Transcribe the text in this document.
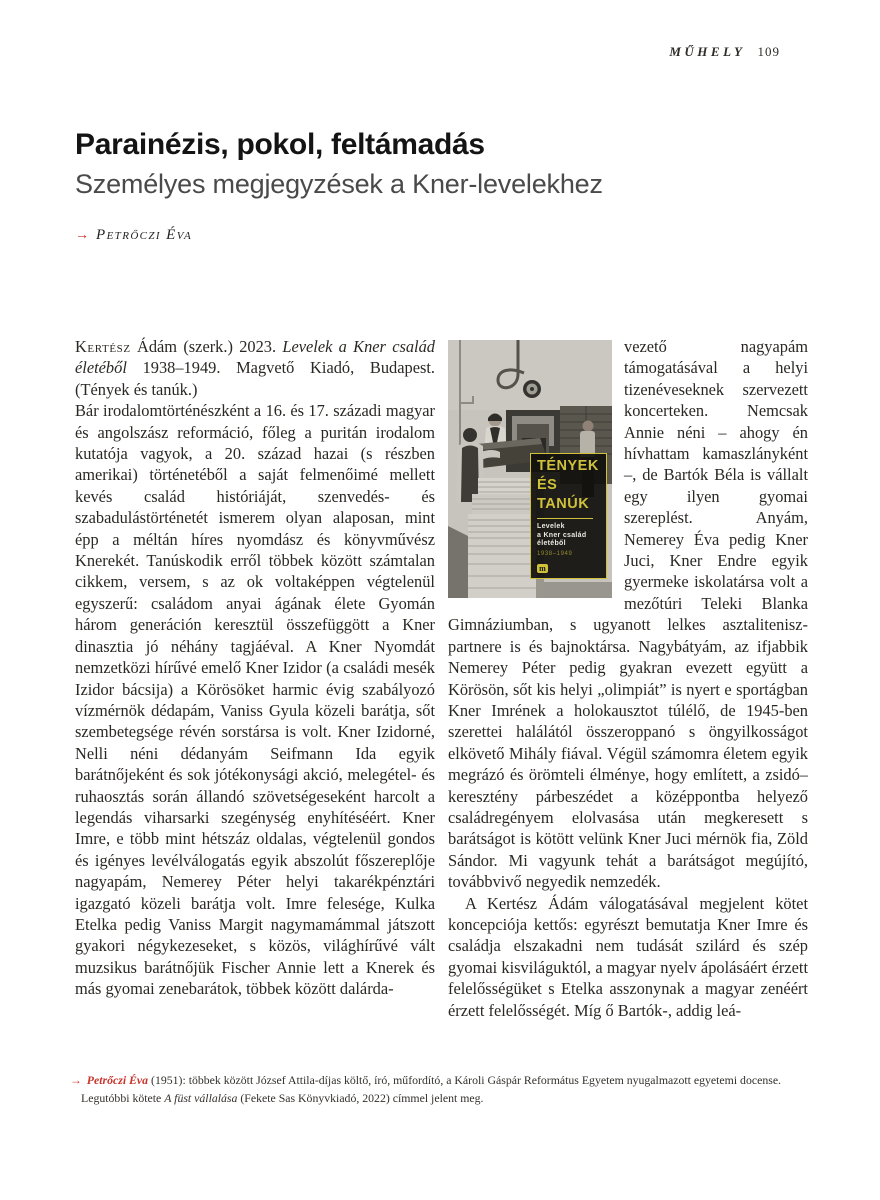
MŰHELY 109
Parainézis, pokol, feltámadás
Személyes megjegyzések a Kner-levelekhez
→ Petrőczi Éva

Kertész Ádám (szerk.) 2023. Levelek a Kner család életéből 1938–1949. Magvető Kiadó, Budapest. (Tények és tanúk.)

Bár irodalomtörténészként a 16. és 17. századi magyar és angolszász reformáció, főleg a puritán irodalom kutatója vagyok, a 20. század hazai (s részben amerikai) történetéből a saját felmenőimé mellett kevés család históriáját, szenvedés- és szabadulástörténetét ismerem olyan alaposan, mint épp a méltán híres nyomdász és könyvművész Knerekét. Tanúskodik erről többek között számtalan cikkem, versem, s az ok voltaképpen végtelenül egyszerű: családom anyai ágának élete Gyomán három generáción keresztül összefüggött a Kner dinasztia jó néhány tagjáéval. A Kner Nyomdát nemzetközi hírűvé emelő Kner Izidor (a családi mesék Izidor bácsija) a Körösöket harmic évig szabályozó vízmérnök dédapám, Vaniss Gyula közeli barátja, sőt szembetegsége révén sorstársa is volt. Kner Izidorné, Nelli néni dédanyám Seifmann Ida egyik barátnőjeként és sok jótékonysági akció, melegétel- és ruhaosztás során állandó szövetségeseként harcolt a legendás viharsarki szegénység enyhítéséért. Kner Imre, e több mint hétszáz oldalas, végtelenül gondos és igényes levélválogatás egyik abszolút főszereplője nagyapám, Nemerey Péter helyi takarékpénztári igazgató közeli barátja volt. Imre felesége, Kulka Etelka pedig Vaniss Margit nagymamámmal játszott gyakori négykezeseket, s közös, világhírűvé vált muzsikus barátnőjük Fischer Annie lett a Knerek és más gyomai zenebarátok, többek között dalárda-

TÉNYEK
ÉS
TANÚK
Levelek
a Kner család
életéből
1938–1949
m

vezető nagyapám támogatásával a helyi tizenéveseknek szervezett koncerteken. Nemcsak Annie néni – ahogy én hívhattam kamaszlányként –, de Bartók Béla is vállalt egy ilyen gyomai szereplést. Anyám, Nemerey Éva pedig Kner Juci, Kner Endre egyik gyermeke iskolatársa volt a mezőtúri Teleki Blanka Gimnáziumban, s ugyanott lelkes asztalitenisz-partnere is és bajnoktársa. Nagybátyám, az ifjabbik Nemerey Péter pedig gyakran evezett együtt a Körösön, sőt kis helyi „olimpiát” is nyert e sportágban Kner Imrének a holokausztot túlélő, de 1945-ben szerettei halálától összeroppanó s öngyilkosságot elkövető Mihály fiával. Végül számomra életem egyik megrázó és örömteli élménye, hogy említett, a zsidó–keresztény párbeszédet a középpontba helyező családregényem elolvasása után megkeresett s barátságot is kötött velünk Kner Juci mérnök fia, Zöld Sándor. Mi vagyunk tehát a barátságot megújító, továbbvivő negyedik nemzedék.

A Kertész Ádám válogatásával megjelent kötet koncepciója kettős: egyrészt bemutatja Kner Imre és családja elszakadni nem tudását szilárd és szép gyomai kisviláguktól, a magyar nyelv ápolásáért érzett felelősségüket s Etelka asszonynak a magyar zenéért érzett felelősségét. Míg ő Bartók-, addig leá-

→ Petrőczi Éva (1951): többek között József Attila-díjas költő, író, műfordító, a Károli Gáspár Református Egyetem nyugalmazott egyetemi docense. Legutóbbi kötete A füst vállalása (Fekete Sas Könyvkiadó, 2022) címmel jelent meg.
